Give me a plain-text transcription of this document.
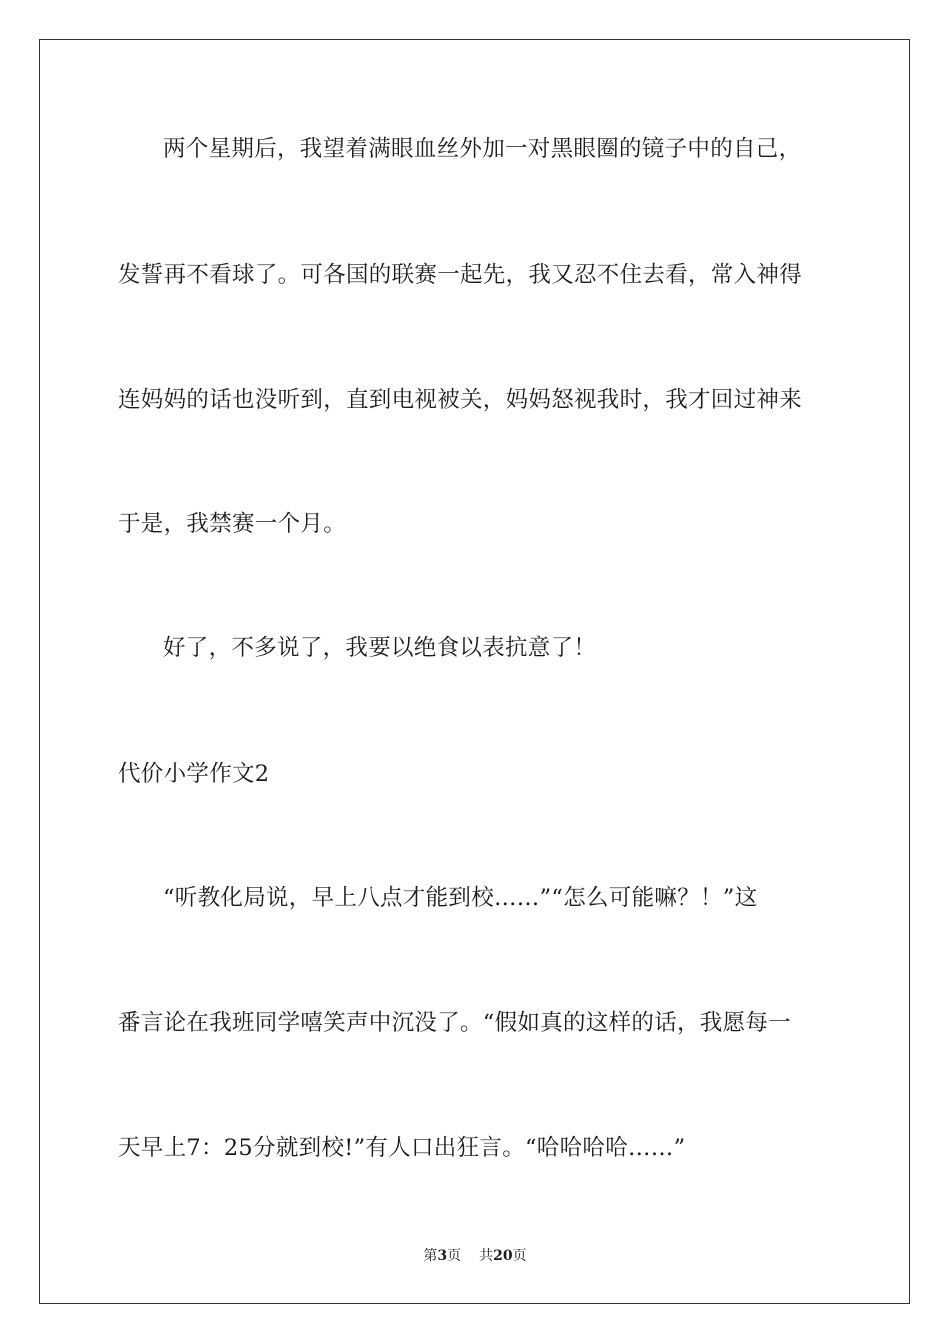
两个星期后，我望着满眼血丝外加一对黑眼圈的镜子中的自己，
发誓再不看球了。可各国的联赛一起先，我又忍不住去看，常入神得
连妈妈的话也没听到，直到电视被关，妈妈怒视我时，我才回过神来
于是，我禁赛一个月。
好了，不多说了，我要以绝食以表抗意了！
代价小学作文2
“听教化局说，早上八点才能到校……”“怎么可能嘛？！”这
番言论在我班同学嘻笑声中沉没了。“假如真的这样的话，我愿每一
天早上7：25分就到校!”有人口出狂言。“哈哈哈哈……”
第3页 共20页
